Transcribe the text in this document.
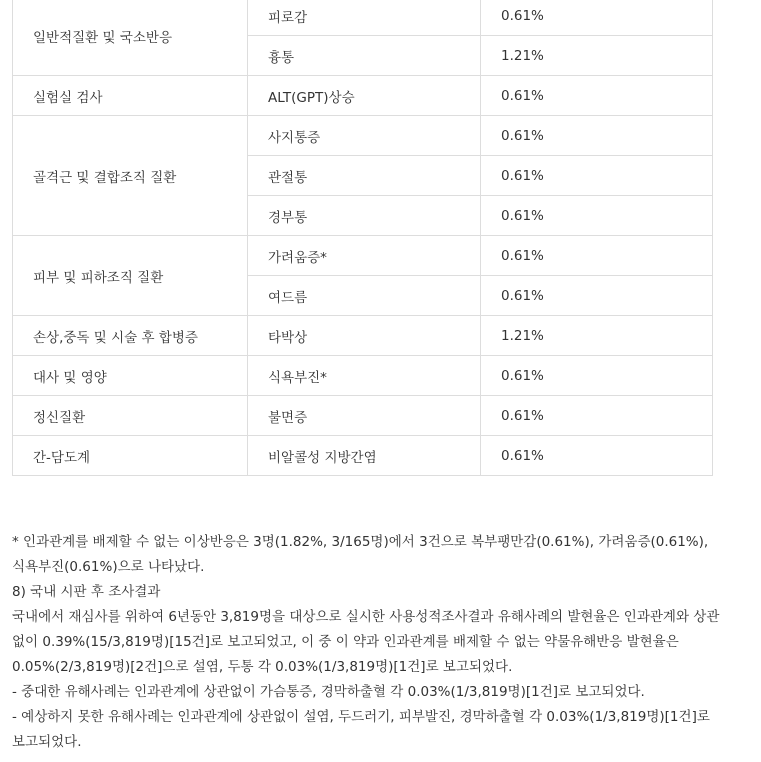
일반적질환 및 국소반응	피로감	0.61%
	흉통	1.21%
실험실 검사	ALT(GPT)상승	0.61%
골격근 및 결합조직 질환	사지통증	0.61%
	관절통	0.61%
	경부통	0.61%
피부 및 피하조직 질환	가려움증*	0.61%
	여드름	0.61%
손상,중독 및 시술 후 합병증	타박상	1.21%
대사 및 영양	식욕부진*	0.61%
정신질환	불면증	0.61%
간-담도계	비알콜성 지방간염	0.61%

* 인과관계를 배제할 수 없는 이상반응은 3명(1.82%, 3/165명)에서 3건으로 복부팽만감(0.61%), 가려움증(0.61%), 식욕부진(0.61%)으로 나타났다.

8) 국내 시판 후 조사결과

국내에서 재심사를 위하여 6년동안 3,819명을 대상으로 실시한 사용성적조사결과 유해사례의 발현율은 인과관계와 상관없이 0.39%(15/3,819명)[15건]로 보고되었고, 이 중 이 약과 인과관계를 배제할 수 없는 약물유해반응 발현율은 0.05%(2/3,819명)[2건]으로 설염, 두통 각 0.03%(1/3,819명)[1건]로 보고되었다.

- 중대한 유해사례는 인과관계에 상관없이 가슴통증, 경막하출혈 각 0.03%(1/3,819명)[1건]로 보고되었다.

- 예상하지 못한 유해사례는 인과관계에 상관없이 설염, 두드러기, 피부발진, 경막하출혈 각 0.03%(1/3,819명)[1건]로 보고되었다.
